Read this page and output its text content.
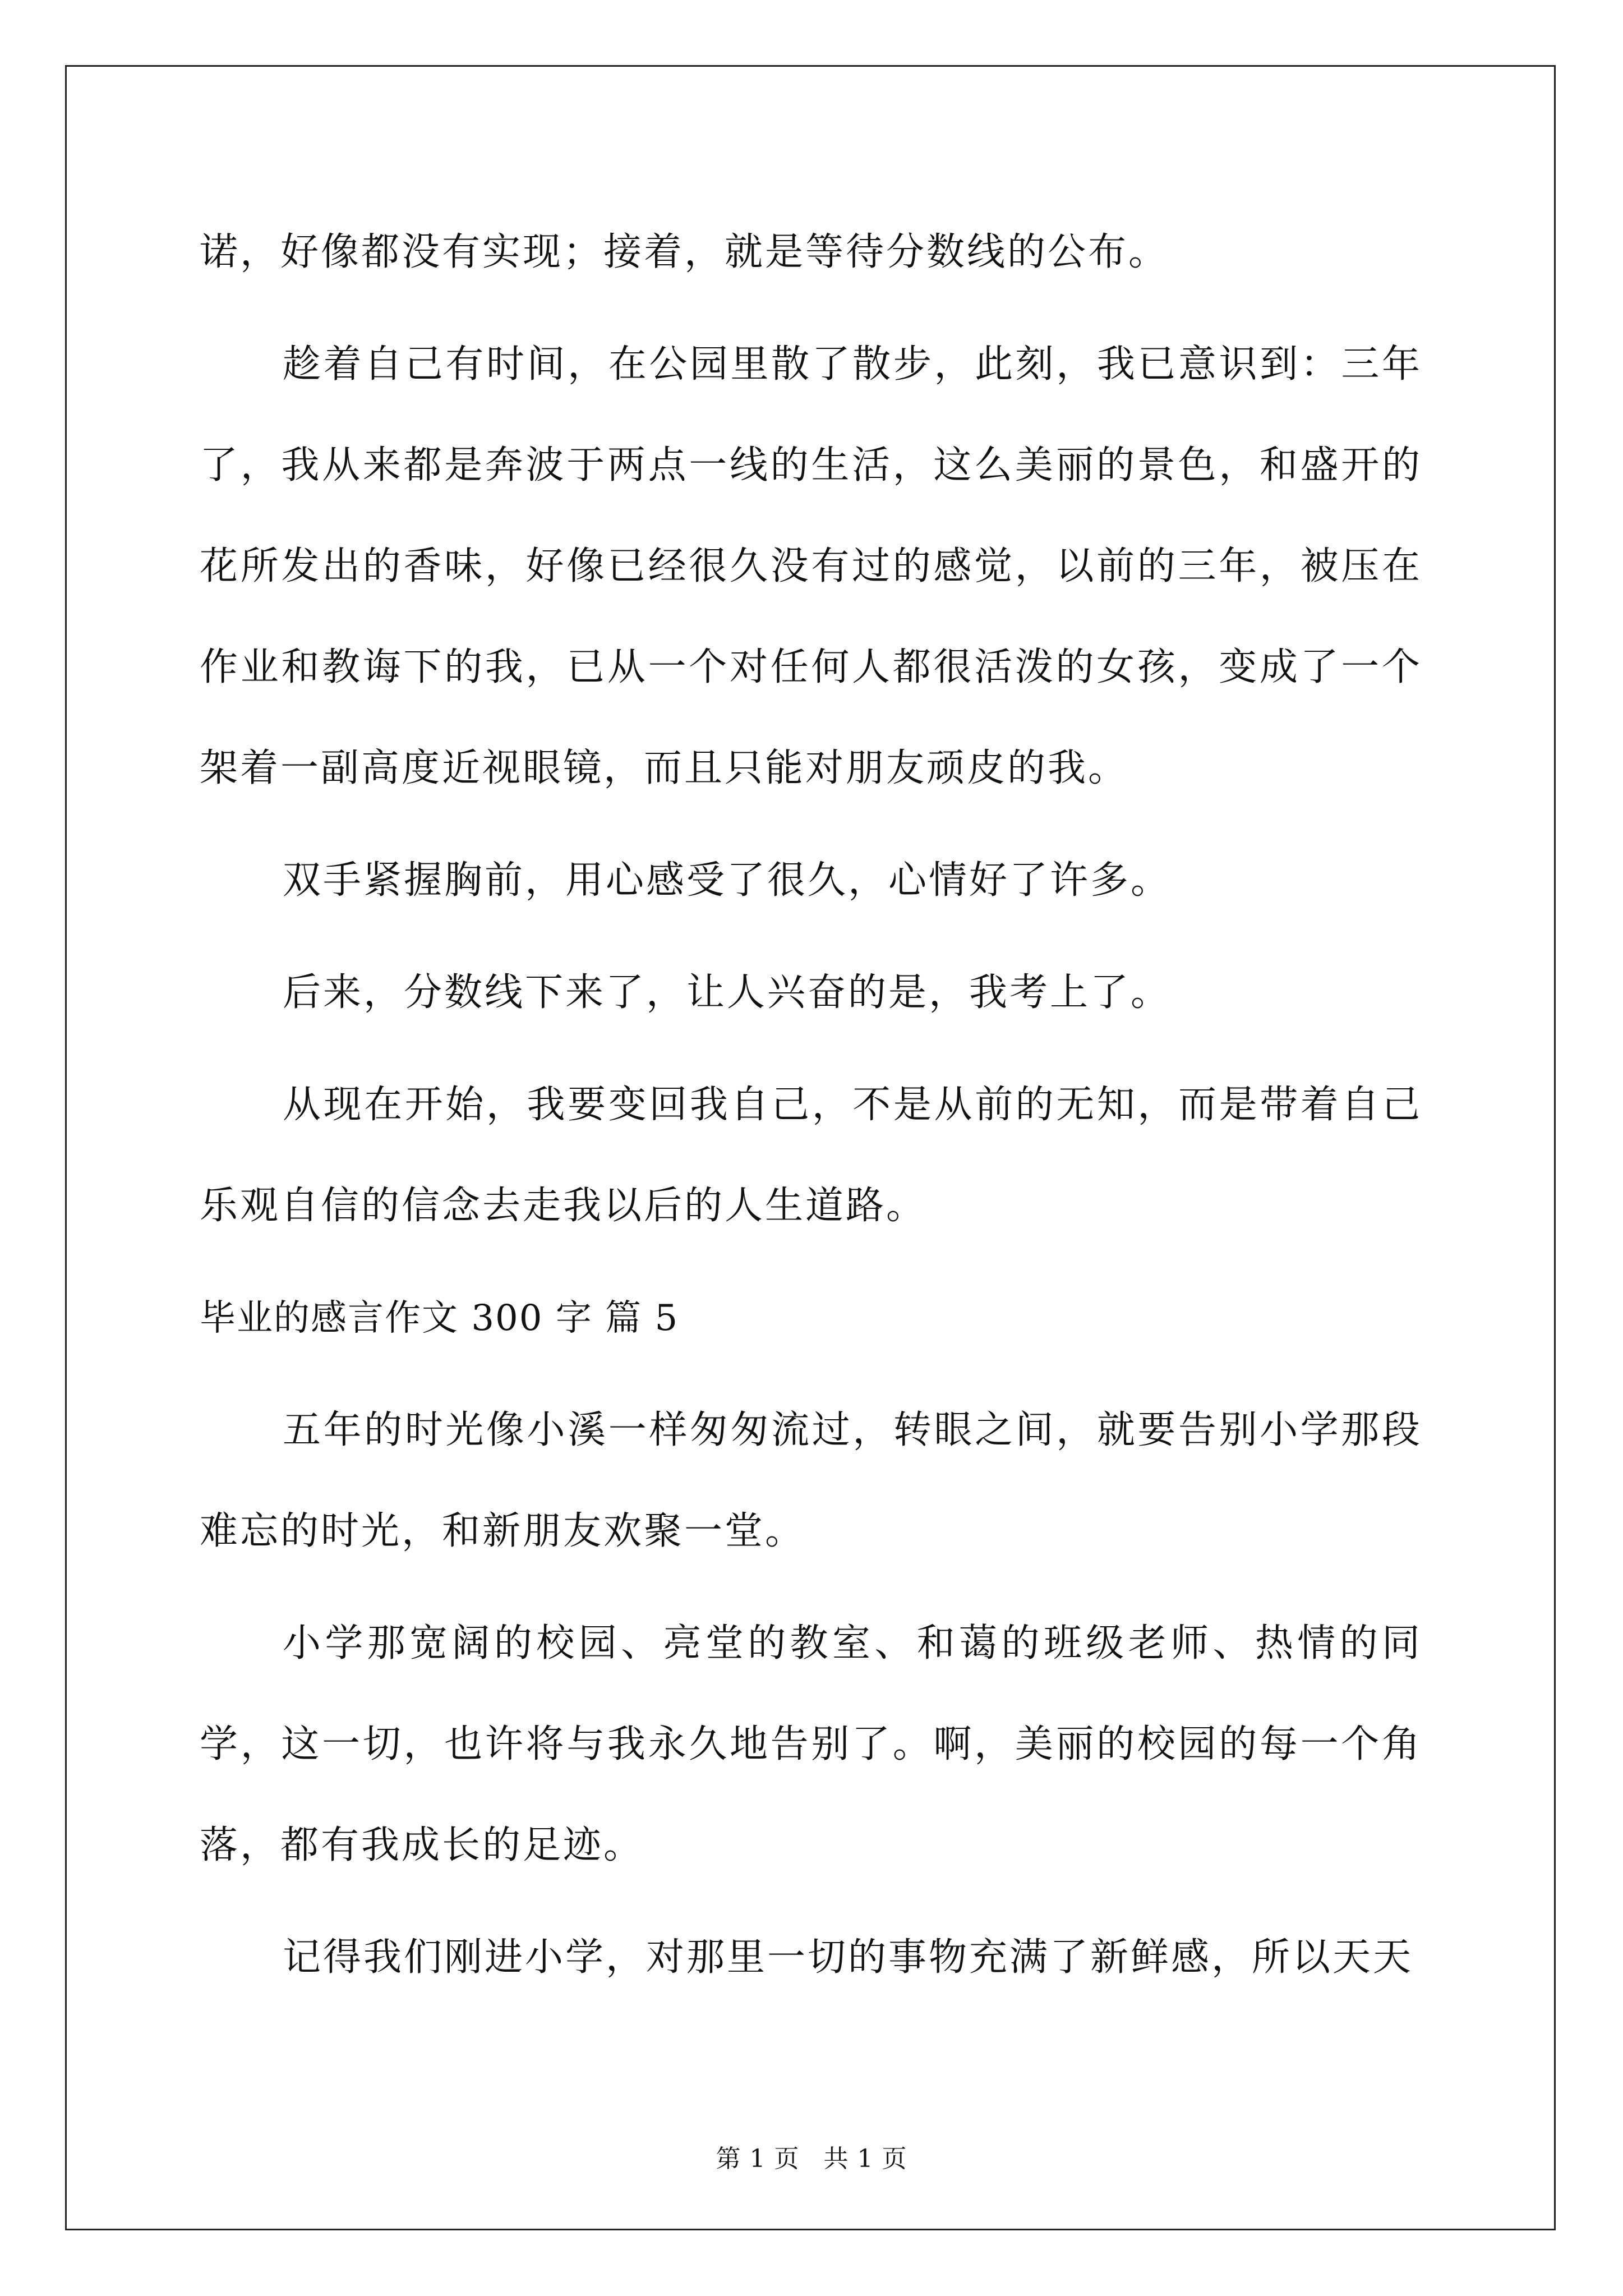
诺，好像都没有实现；接着，就是等待分数线的公布。

趁着自己有时间，在公园里散了散步，此刻，我已意识到：三年了，我从来都是奔波于两点一线的生活，这么美丽的景色，和盛开的花所发出的香味，好像已经很久没有过的感觉，以前的三年，被压在作业和教诲下的我，已从一个对任何人都很活泼的女孩，变成了一个架着一副高度近视眼镜，而且只能对朋友顽皮的我。

双手紧握胸前，用心感受了很久，心情好了许多。

后来，分数线下来了，让人兴奋的是，我考上了。

从现在开始，我要变回我自己，不是从前的无知，而是带着自己乐观自信的信念去走我以后的人生道路。

毕业的感言作文 300 字 篇 5

五年的时光像小溪一样匆匆流过，转眼之间，就要告别小学那段难忘的时光，和新朋友欢聚一堂。

小学那宽阔的校园、亮堂的教室、和蔼的班级老师、热情的同学，这一切，也许将与我永久地告别了。啊，美丽的校园的每一个角落，都有我成长的足迹。

记得我们刚进小学，对那里一切的事物充满了新鲜感，所以天天

第 1 页 共 1 页
